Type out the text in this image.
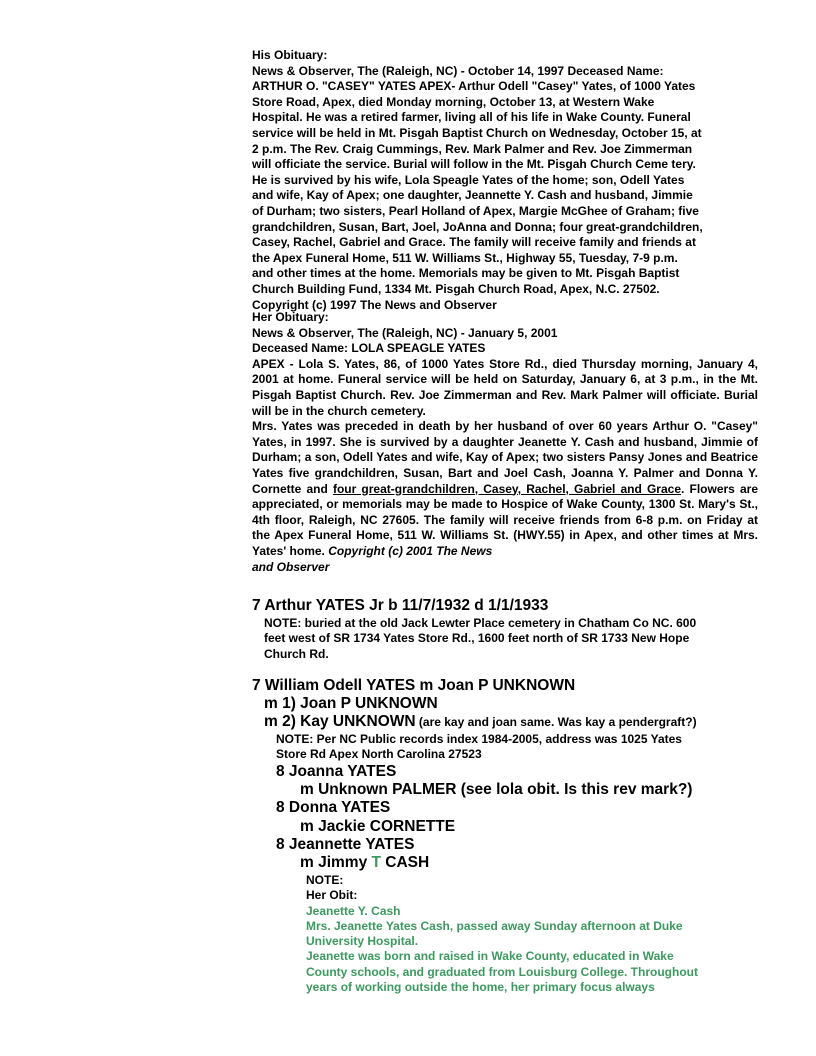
His Obituary:
News & Observer, The (Raleigh, NC) - October 14, 1997 Deceased Name:
ARTHUR O. "CASEY" YATES APEX- Arthur Odell "Casey" Yates, of 1000 Yates
Store Road, Apex, died Monday morning, October 13, at Western Wake
Hospital. He was a retired farmer, living all of his life in Wake County. Funeral
service will be held in Mt. Pisgah Baptist Church on Wednesday, October 15, at
2 p.m. The Rev. Craig Cummings, Rev. Mark Palmer and Rev. Joe Zimmerman
will officiate the service. Burial will follow in the Mt. Pisgah Church Ceme tery.
He is survived by his wife, Lola Speagle Yates of the home; son, Odell Yates
and wife, Kay of Apex; one daughter, Jeannette Y. Cash and husband, Jimmie
of Durham; two sisters, Pearl Holland of Apex, Margie McGhee of Graham; five
grandchildren, Susan, Bart, Joel, JoAnna and Donna; four great-grandchildren,
Casey, Rachel, Gabriel and Grace. The family will receive family and friends at
the Apex Funeral Home, 511 W. Williams St., Highway 55, Tuesday, 7-9 p.m.
and other times at the home. Memorials may be given to Mt. Pisgah Baptist
Church Building Fund, 1334 Mt. Pisgah Church Road, Apex, N.C. 27502.
Copyright (c) 1997 The News and Observer
Her Obituary:
News & Observer, The (Raleigh, NC) - January 5, 2001
Deceased Name: LOLA SPEAGLE YATES
APEX - Lola S. Yates, 86, of 1000 Yates Store Rd., died Thursday morning, January 4, 2001 at home. Funeral service will be held on Saturday, January 6, at 3 p.m., in the Mt. Pisgah Baptist Church. Rev. Joe Zimmerman and Rev. Mark Palmer will officiate. Burial will be in the church cemetery.
Mrs. Yates was preceded in death by her husband of over 60 years Arthur O. "Casey" Yates, in 1997. She is survived by a daughter Jeanette Y. Cash and husband, Jimmie of Durham; a son, Odell Yates and wife, Kay of Apex; two sisters Pansy Jones and Beatrice Yates five grandchildren, Susan, Bart and Joel Cash, Joanna Y. Palmer and Donna Y. Cornette and four great-grandchildren, Casey, Rachel, Gabriel and Grace. Flowers are appreciated, or memorials may be made to Hospice of Wake County, 1300 St. Mary's St., 4th floor, Raleigh, NC 27605. The family will receive friends from 6-8 p.m. on Friday at the Apex Funeral Home, 511 W. Williams St. (HWY.55) in Apex, and other times at Mrs. Yates' home. Copyright (c) 2001 The News
and Observer
7 Arthur YATES Jr b 11/7/1932 d 1/1/1933
NOTE: buried at the old Jack Lewter Place cemetery in Chatham Co NC. 600
feet west of SR 1734 Yates Store Rd., 1600 feet north of SR 1733 New Hope
Church Rd.
7 William Odell YATES m Joan P UNKNOWN
m 1) Joan P UNKNOWN
m 2) Kay UNKNOWN (are kay and joan same. Was kay a pendergraft?)
NOTE: Per NC Public records index 1984-2005, address was 1025 Yates
Store Rd Apex North Carolina 27523
8 Joanna YATES
m Unknown PALMER (see lola obit. Is this rev mark?)
8 Donna YATES
m Jackie CORNETTE
8 Jeannette YATES
m Jimmy T CASH
NOTE:
Her Obit:
Jeanette Y. Cash
Mrs. Jeanette Yates Cash, passed away Sunday afternoon at Duke
University Hospital.
Jeanette was born and raised in Wake County, educated in Wake
County schools, and graduated from Louisburg College. Throughout
years of working outside the home, her primary focus always
